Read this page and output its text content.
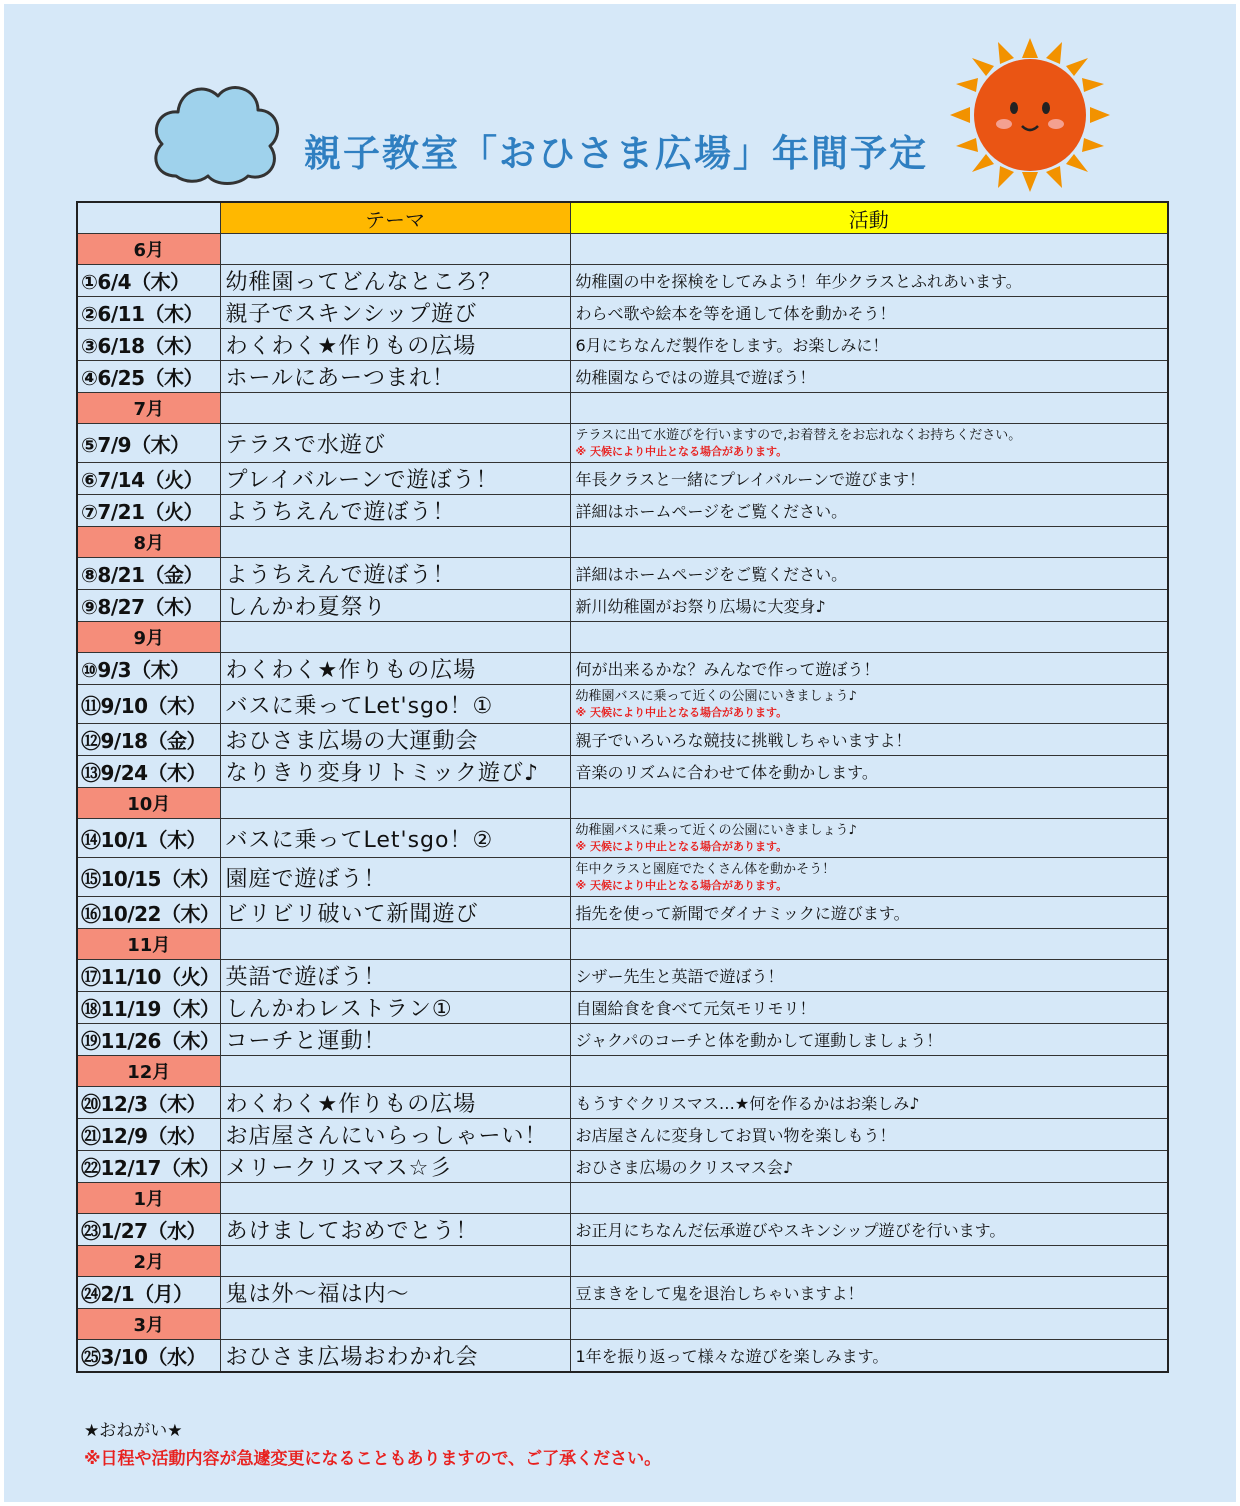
親子教室「おひさま広場」年間予定
	テーマ	活動
6月		
①6/4（木）	幼稚園ってどんなところ？	幼稚園の中を探検をしてみよう！年少クラスとふれあいます。
②6/11（木）	親子でスキンシップ遊び	わらべ歌や絵本を等を通して体を動かそう！
③6/18（木）	わくわく★作りもの広場	6月にちなんだ製作をします。お楽しみに！
④6/25（木）	ホールにあーつまれ！	幼稚園ならではの遊具で遊ぼう！
7月		
⑤7/9（木）	テラスで水遊び	テラスに出て水遊びを行いますので,お着替えをお忘れなくお持ちください。
※ 天候により中止となる場合があります。

⑥7/14（火）	プレイバルーンで遊ぼう！	年長クラスと一緒にプレイバルーンで遊びます！
⑦7/21（火）	ようちえんで遊ぼう！	詳細はホームページをご覧ください。
8月		
⑧8/21（金）	ようちえんで遊ぼう！	詳細はホームページをご覧ください。
⑨8/27（木）	しんかわ夏祭り	新川幼稚園がお祭り広場に大変身♪
9月		
⑩9/3（木）	わくわく★作りもの広場	何が出来るかな？みんなで作って遊ぼう！
⑪9/10（木）	バスに乗ってLet'sgo！①	幼稚園バスに乗って近くの公園にいきましょう♪
※ 天候により中止となる場合があります。

⑫9/18（金）	おひさま広場の大運動会	親子でいろいろな競技に挑戦しちゃいますよ！
⑬9/24（木）	なりきり変身リトミック遊び♪	音楽のリズムに合わせて体を動かします。
10月		
⑭10/1（木）	バスに乗ってLet'sgo！②	幼稚園バスに乗って近くの公園にいきましょう♪
※ 天候により中止となる場合があります。

⑮10/15（木）	園庭で遊ぼう！	年中クラスと園庭でたくさん体を動かそう！
※ 天候により中止となる場合があります。

⑯10/22（木）	ビリビリ破いて新聞遊び	指先を使って新聞でダイナミックに遊びます。
11月		
⑰11/10（火）	英語で遊ぼう！	シザー先生と英語で遊ぼう！
⑱11/19（木）	しんかわレストラン①	自園給食を食べて元気モリモリ！
⑲11/26（木）	コーチと運動！	ジャクパのコーチと体を動かして運動しましょう！
12月		
⑳12/3（木）	わくわく★作りもの広場	もうすぐクリスマス…★何を作るかはお楽しみ♪
㉑12/9（水）	お店屋さんにいらっしゃーい！	お店屋さんに変身してお買い物を楽しもう！
㉒12/17（木）	メリークリスマス☆彡	おひさま広場のクリスマス会♪
1月		
㉓1/27（水）	あけましておめでとう！	お正月にちなんだ伝承遊びやスキンシップ遊びを行います。
2月		
㉔2/1（月）	鬼は外～福は内～	豆まきをして鬼を退治しちゃいますよ！
3月		
㉕3/10（水）	おひさま広場おわかれ会	1年を振り返って様々な遊びを楽しみます。
★おねがい★
※日程や活動内容が急遽変更になることもありますので、ご了承ください。
